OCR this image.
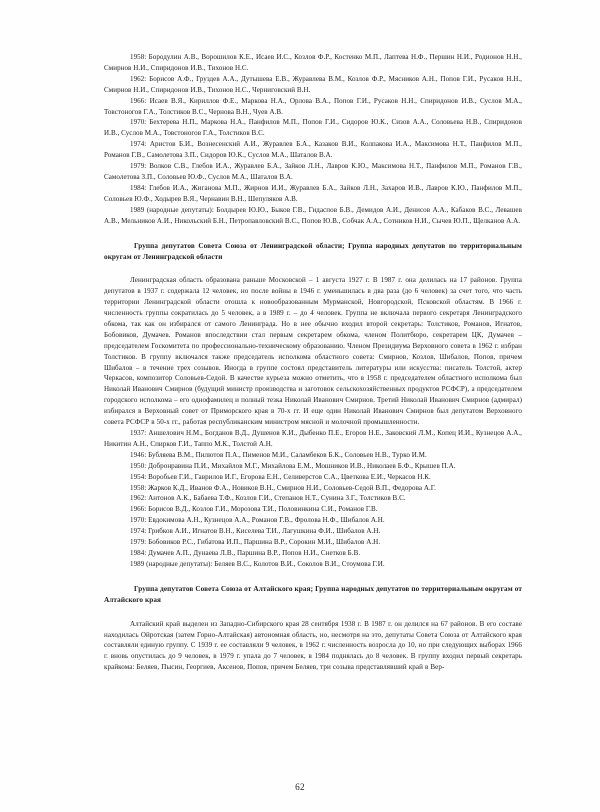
1958: Бородулин А.В., Ворошилов К.Е., Исаев И.С., Козлов Ф.Р., Костенко М.П., Лаптева Н.Ф., Першин Н.И., Родионов Н.Н., Смирнов Н.И., Спиридонов И.В., Тихонов Н.С.

1962: Борисов А.Ф., Груздев А.А., Дутышева Е.В., Журавлева В.М., Козлов Ф.Р., Мясников А.Н., Попов Г.И., Русаков Н.Н., Смирнов Н.И., Спиридонов И.В., Тихонов Н.С., Черниговский В.Н.

1966: Исаев В.Я., Кириллов Ф.Е., Маркова Н.А., Орлова В.А., Попов Г.И., Русаков Н.Н., Спиридонов И.В., Суслов М.А., Товстоногов Г.А., Толстиков В.С., Чернова В.Н., Чуев А.В.

1970: Бехтерева Н.П., Маркова Н.А., Панфилов М.П., Попов Г.И., Сидоров Ю.К., Сизов А.А., Соловьева Н.В., Спиридонов И.В., Суслов М.А., Товстоногов Г.А., Толстиков В.С.

1974: Аристов Б.И., Вознесенский А.И., Журавлев Б.А., Казаков В.И., Колпакова И.А., Максимова Н.Т., Панфилов М.П., Романов Г.В., Самолетова З.П., Сидоров Ю.К., Суслов М.А., Шаталов В.А.

1979: Волков С.В., Глебов И.А., Журавлев Б.А., Зайков Л.Н., Лавров К.Ю., Максимова Н.Т., Панфилов М.П., Романов Г.В., Самолетова З.П., Соловьев Ю.Ф., Суслов М.А., Шаталов В.А.

1984: Глебов И.А., Жиганова М.П., Жирнов И.И., Журавлев Б.А., Зайков Л.Н., Захаров И.В., Лавров К.Ю., Панфилов М.П., Соловьев Ю.Ф., Ходырев В.Я., Чернавин В.Н., Шепуляков А.В.

1989 (народные депутаты): Болдырев Ю.Ю., Быков Г.В., Гидаспов Б.В., Демидов А.И., Денисов А.А., Кабаков В.С., Левашев А.В., Мельников А.И., Никольский Б.Н., Петропавловский В.С., Попов Ю.В., Собчак А.А., Сотников Н.И., Сычев Ю.П., Щелканов А.А.

Группа депутатов Совета Союза от Ленинградской области; Группа народных депутатов по территориальным округам от Ленинградской области

Ленинградская область образована раньше Московской – 1 августа 1927 г. В 1987 г. она делилась на 17 районов. Группа депутатов в 1937 г. содержала 12 человек, но после войны в 1946 г. уменьшилась в два раза (до 6 человек) за счет того, что часть территории Ленинградской области отошла к новообразованным Мурманской, Новгородской, Псковской областям. В 1966 г. численность группы сократилась до 5 человек, а в 1989 г. – до 4 человек. Группа не включала первого секретаря Ленинградского обкома, так как он избирался от самого Ленинграда. Но в нее обычно входил второй секретарь: Толстиков, Романов, Игнатов, Бобовиков, Думачев. Романов впоследствии стал первым секретарем обкома, членом Политбюро, секретарем ЦК, Думачев – председателем Госкомитета по профессионально-техническому образованию. Членом Президиума Верховного совета в 1962 г. избран Толстиков. В группу включался также председатель исполкома областного совета: Смирнов, Козлов, Шибалов, Попов, причем Шибалов – в течение трех созывов. Иногда в группе состоял представитель литературы или искусства: писатель Толстой, актер Черкасов, композитор Соловьев-Седой. В качестве курьеза можно отметить, что в 1958 г. председателем областного исполкома был Николай Иванович Смирнов (будущий министр производства и заготовок сельскохозяйственных продуктов РСФСР), а председателем городского исполкома – его однофамилец и полный тезка Николай Иванович Смирнов. Третий Николай Иванович Смирнов (адмирал) избирался в Верховный совет от Приморского края в 70-х гг. И еще один Николай Иванович Смирнов был депутатом Верховного совета РСФСР в 50-х гг., работая республиканским министром мясной и молочной промышленности.

1937: Аншелович Н.М., Богданов В.Д., Душенов К.И., Дыбенко П.Е., Егоров Н.Е., Заковский Л.М., Копец И.И., Кузнецов А.А., Никитин А.Н., Спирков Г.И., Таппо М.К., Толстой А.Н.

1946: Бубляева В.М., Пилютов П.А., Пименов М.И., Саламбеков Б.К., Соловьев Н.В., Турко И.М.

1950: Добронравина П.И., Михайлов М.Г., Михайлова Е.М., Мошников И.В., Николаев Б.Ф., Крышев П.А.

1954: Воробьев Г.И., Гаврилов И.Г., Егорова Е.Н., Селиверстов С.А., Цветкова Е.И., Черкасов Н.К.

1958: Жарков К.Д., Иванов Ф.А., Новиков В.Н., Смирнов Н.И., Соловьев-Седой В.П., Федорова А.Г.

1962: Антонов А.К., Бабаева Т.Ф., Козлов Г.И., Степанов Н.Т., Сунина З.Г., Толстиков В.С.

1966: Борисов В.Д., Козлов Г.И., Морозова Т.И., Половинкина С.И., Романов Г.В.

1970: Евдокимова А.Н., Кузнецов А.А., Романов Г.В., Фролова Н.Ф., Шибалов А.Н.

1974: Грибков А.И., Игнатов В.Н., Киселева Т.И., Лагушкина Ф.И., Шибалов А.Н.

1979: Бобовиков Р.С., Гибатова И.П., Паршина В.Р., Сорокин М.И., Шибалов А.Н.

1984: Думачев А.П., Дунаева Л.В., Паршина В.Р., Попов Н.И., Снетков Б.В.

1989 (народные депутаты): Беляев В.С., Колотов В.И., Соколов В.И., Стоумова Г.И.

Группа депутатов Совета Союза от Алтайского края; Группа народных депутатов по территориальным округам от Алтайского края

Алтайский край выделен из Западно-Сибирского края 28 сентября 1938 г. В 1987 г. он делился на 67 районов. В его составе находилась Ойротская (затем Горно-Алтайская) автономная область, но, несмотря на это, депутаты Совета Союза от Алтайского края составляли единую группу. С 1939 г. ее составляли 9 человек, в 1962 г. численность возросла до 10, но при следующих выборах 1966 г. вновь опустилась до 9 человек, в 1979 г. упала до 7 человек, в 1984 поднялась до 8 человек. В группу входил первый секретарь крайкома: Беляев, Пысин, Георгиев, Аксенов, Попов, причем Беляев, три созыва представлявший край в Вер-

62
